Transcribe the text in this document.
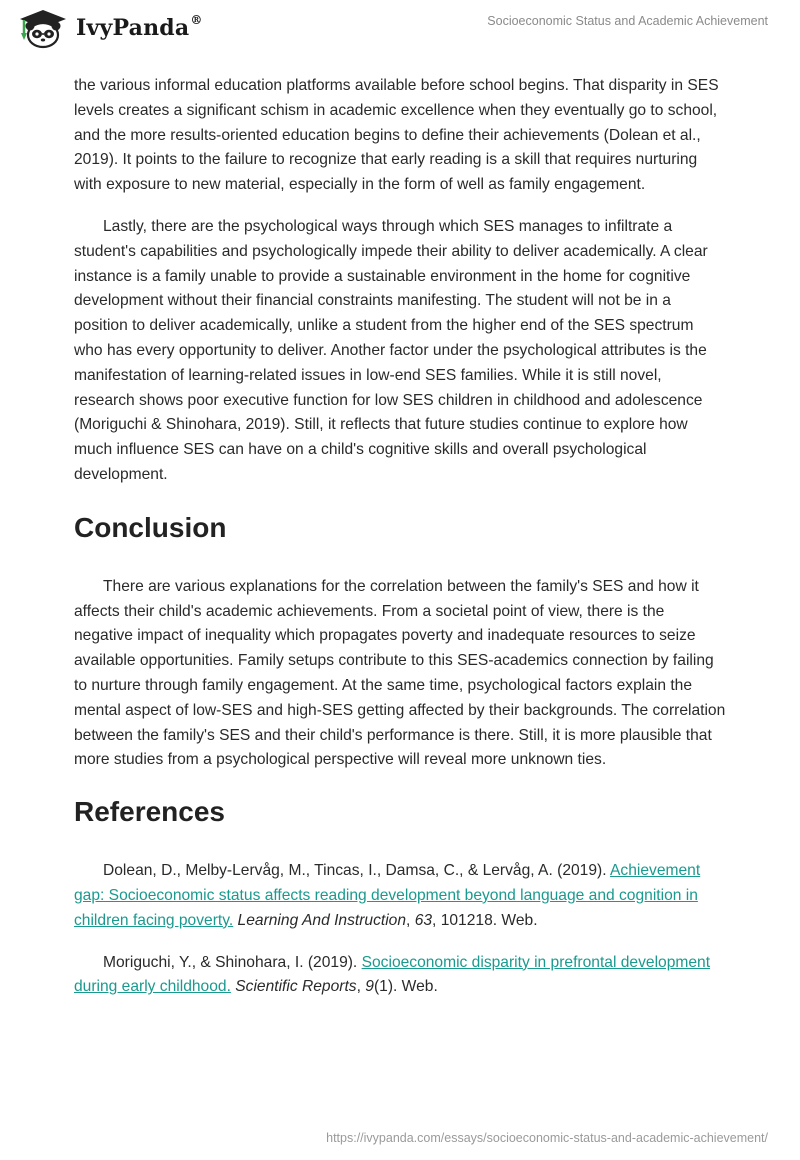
IvyPanda®	Socioeconomic Status and Academic Achievement

the various informal education platforms available before school begins. That disparity in SES levels creates a significant schism in academic excellence when they eventually go to school, and the more results-oriented education begins to define their achievements (Dolean et al., 2019). It points to the failure to recognize that early reading is a skill that requires nurturing with exposure to new material, especially in the form of well as family engagement.

Lastly, there are the psychological ways through which SES manages to infiltrate a student's capabilities and psychologically impede their ability to deliver academically. A clear instance is a family unable to provide a sustainable environment in the home for cognitive development without their financial constraints manifesting. The student will not be in a position to deliver academically, unlike a student from the higher end of the SES spectrum who has every opportunity to deliver. Another factor under the psychological attributes is the manifestation of learning-related issues in low-end SES families. While it is still novel, research shows poor executive function for low SES children in childhood and adolescence (Moriguchi & Shinohara, 2019). Still, it reflects that future studies continue to explore how much influence SES can have on a child's cognitive skills and overall psychological development.

Conclusion

There are various explanations for the correlation between the family's SES and how it affects their child's academic achievements. From a societal point of view, there is the negative impact of inequality which propagates poverty and inadequate resources to seize available opportunities. Family setups contribute to this SES-academics connection by failing to nurture through family engagement. At the same time, psychological factors explain the mental aspect of low-SES and high-SES getting affected by their backgrounds. The correlation between the family's SES and their child's performance is there. Still, it is more plausible that more studies from a psychological perspective will reveal more unknown ties.

References

Dolean, D., Melby-Lervåg, M., Tincas, I., Damsa, C., & Lervåg, A. (2019). Achievement gap: Socioeconomic status affects reading development beyond language and cognition in children facing poverty. Learning And Instruction, 63, 101218. Web.

Moriguchi, Y., & Shinohara, I. (2019). Socioeconomic disparity in prefrontal development during early childhood. Scientific Reports, 9(1). Web.

https://ivypanda.com/essays/socioeconomic-status-and-academic-achievement/
